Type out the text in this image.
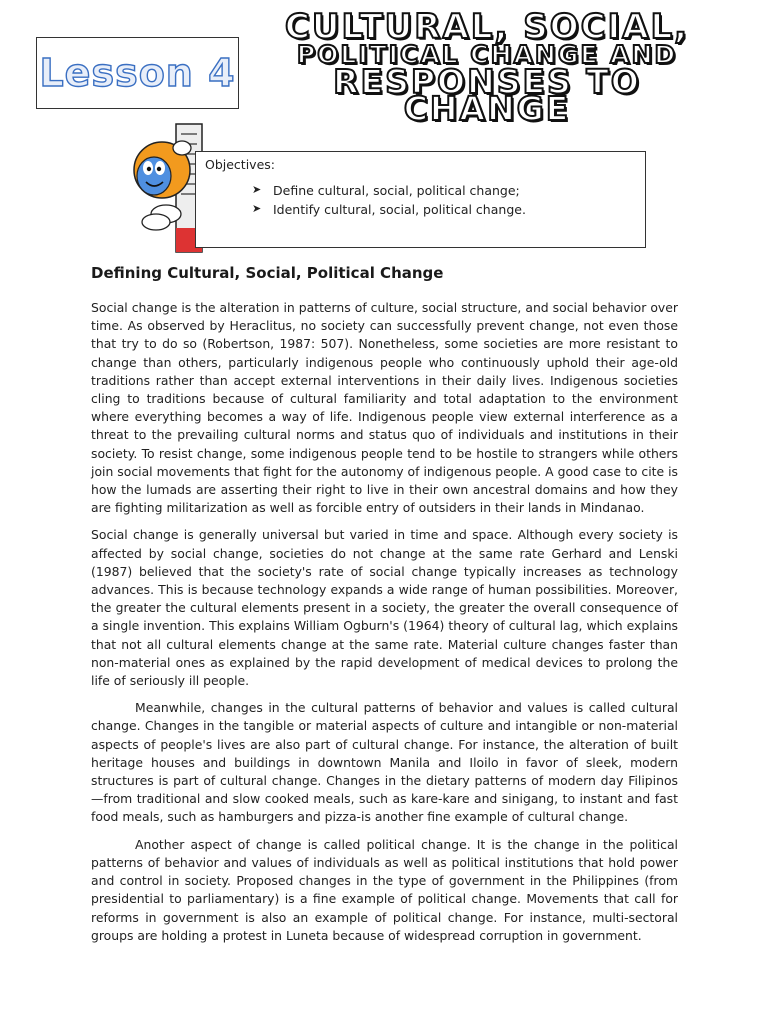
Lesson 4
CULTURAL, SOCIAL,
POLITICAL CHANGE AND
RESPONSES TO CHANGE
Objectives:
➤ Define cultural, social, political change;
➤ Identify cultural, social, political change.
Defining Cultural, Social, Political Change

Social change is the alteration in patterns of culture, social structure, and social behavior over time. As observed by Heraclitus, no society can successfully prevent change, not even those that try to do so (Robertson, 1987: 507). Nonetheless, some societies are more resistant to change than others, particularly indigenous people who continuously uphold their age-old traditions rather than accept external interventions in their daily lives. Indigenous societies cling to traditions because of cultural familiarity and total adaptation to the environment where everything becomes a way of life. Indigenous people view external interference as a threat to the prevailing cultural norms and status quo of individuals and institutions in their society. To resist change, some indigenous people tend to be hostile to strangers while others join social movements that fight for the autonomy of indigenous people. A good case to cite is how the lumads are asserting their right to live in their own ancestral domains and how they are fighting militarization as well as forcible entry of outsiders in their lands in Mindanao.

Social change is generally universal but varied in time and space. Although every society is affected by social change, societies do not change at the same rate Gerhard and Lenski (1987) believed that the society's rate of social change typically increases as technology advances. This is because technology expands a wide range of human possibilities. Moreover, the greater the cultural elements present in a society, the greater the overall consequence of a single invention. This explains William Ogburn's (1964) theory of cultural lag, which explains that not all cultural elements change at the same rate. Material culture changes faster than non-material ones as explained by the rapid development of medical devices to prolong the life of seriously ill people.

Meanwhile, changes in the cultural patterns of behavior and values is called cultural change. Changes in the tangible or material aspects of culture and intangible or non-material aspects of people's lives are also part of cultural change. For instance, the alteration of built heritage houses and buildings in downtown Manila and Iloilo in favor of sleek, modern structures is part of cultural change. Changes in the dietary patterns of modern day Filipinos—from traditional and slow cooked meals, such as kare-kare and sinigang, to instant and fast food meals, such as hamburgers and pizza-is another fine example of cultural change.

Another aspect of change is called political change. It is the change in the political patterns of behavior and values of individuals as well as political institutions that hold power and control in society. Proposed changes in the type of government in the Philippines (from presidential to parliamentary) is a fine example of political change. Movements that call for reforms in government is also an example of political change. For instance, multi-sectoral groups are holding a protest in Luneta because of widespread corruption in government.
